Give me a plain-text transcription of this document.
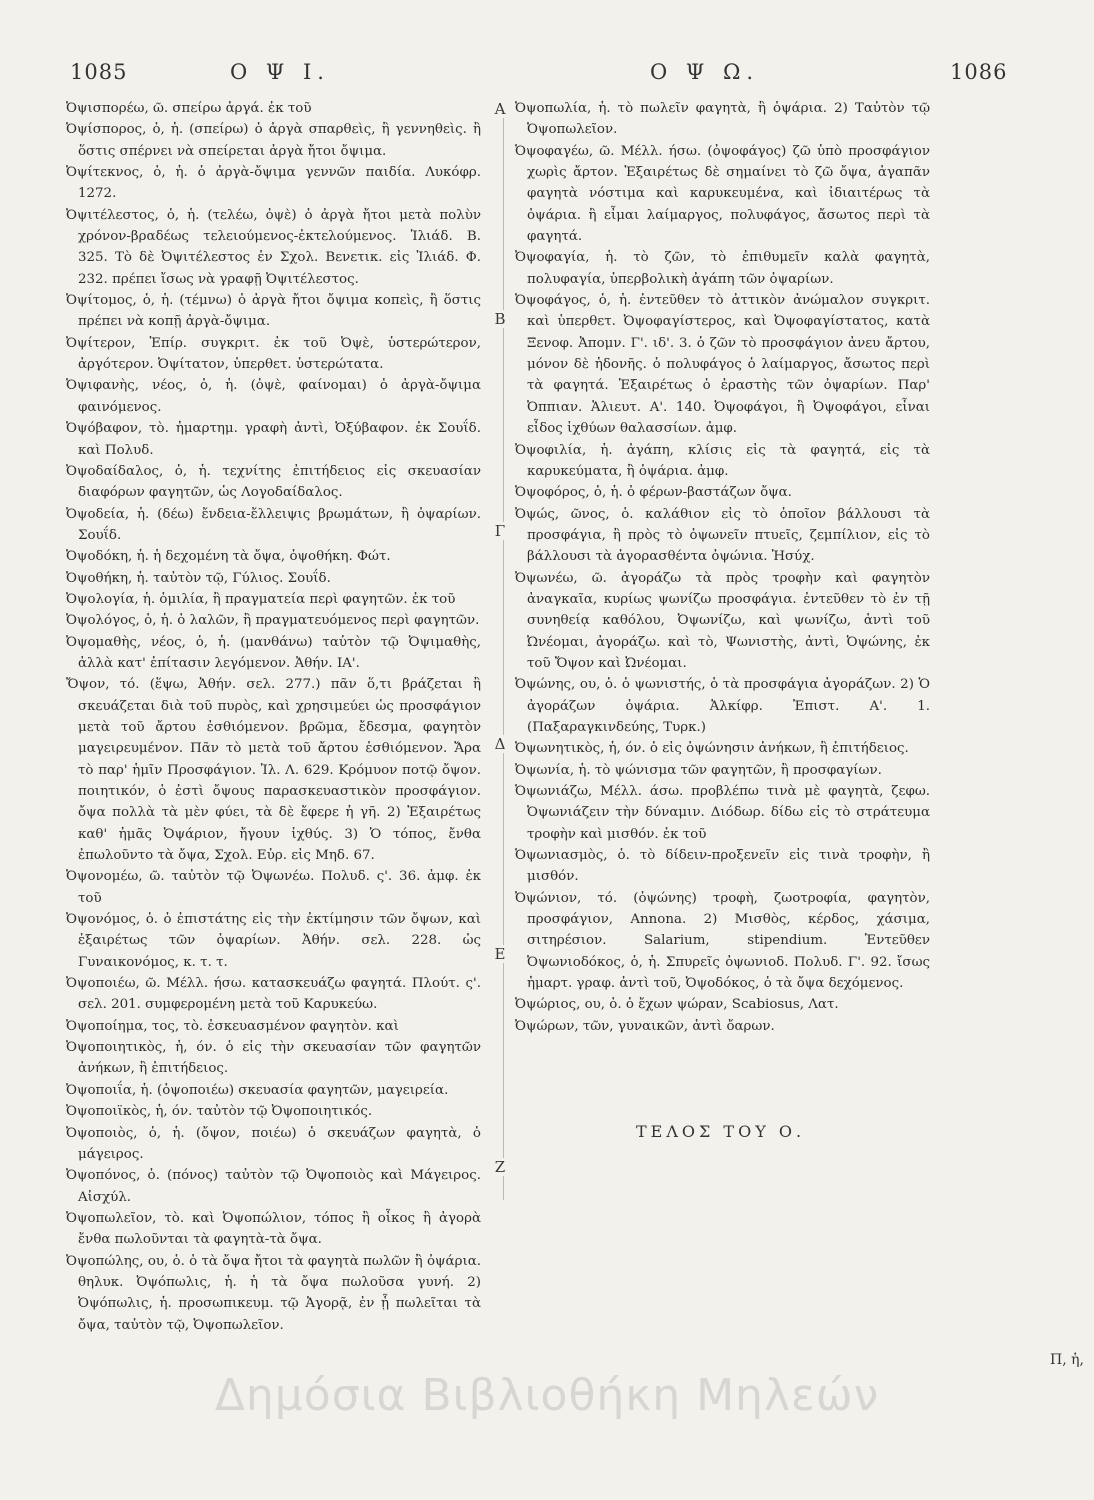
1085	Ο Ψ Ι.	Ο Ψ Ω.	1086
A
B
Γ
Δ
E
Z

Ὀψισπορέω, ῶ. σπείρω ἀργά. ἐκ τοῦ

Ὀψίσπορος, ὁ, ἡ. (σπείρω) ὁ ἀργὰ σπαρθεὶς, ἢ γεννηθεὶς. ἢ ὅστις σπέρνει νὰ σπείρεται ἀργὰ ἤτοι ὄψιμα.

Ὀψίτεκνος, ὁ, ἡ. ὁ ἀργὰ-ὄψιμα γεννῶν παιδία. Λυκόφρ. 1272.

Ὀψιτέλεστος, ὁ, ἡ. (τελέω, ὀψὲ) ὁ ἀργὰ ἤτοι μετὰ πολὺν χρόνον-βραδέως τελειούμενος-ἐκτελούμενος. Ἰλιάδ. Β. 325. Τὸ δὲ Ὀψιτέλεστος ἐν Σχολ. Βενετικ. εἰς Ἰλιάδ. Φ. 232. πρέπει ἴσως νὰ γραφῇ Ὀψιτέλεστος.

Ὀψίτομος, ὁ, ἡ. (τέμνω) ὁ ἀργὰ ἤτοι ὄψιμα κοπεὶς, ἢ ὅστις πρέπει νὰ κοπῇ ἀργὰ-ὄψιμα.

Ὀψίτερον, Ἐπίρ. συγκριτ. ἐκ τοῦ Ὀψὲ, ὑστερώτερον, ἀργότερον. Ὀψίτατον, ὑπερθετ. ὑστερώτατα.

Ὀψιφανὴς, νέος, ὁ, ἡ. (ὀψὲ, φαίνομαι) ὁ ἀργὰ-ὄψιμα φαινόμενος.

Ὀψόβαφον, τὸ. ἡμαρτημ. γραφὴ ἀντὶ, Ὀξύβαφον. ἐκ Σουΐδ. καὶ Πολυδ.

Ὀψοδαίδαλος, ὁ, ἡ. τεχνίτης ἐπιτήδειος εἰς σκευασίαν διαφόρων φαγητῶν, ὡς Λογοδαίδαλος.

Ὀψοδεία, ἡ. (δέω) ἔνδεια-ἔλλειψις βρωμάτων, ἢ ὀψαρίων. Σουΐδ.

Ὀψοδόκη, ἡ. ἡ δεχομένη τὰ ὄψα, ὀψοθήκη. Φώτ.

Ὀψοθήκη, ἡ. ταὐτὸν τῷ, Γύλιος. Σουΐδ.

Ὀψολογία, ἡ. ὁμιλία, ἢ πραγματεία περὶ φαγητῶν. ἐκ τοῦ

Ὀψολόγος, ὁ, ἡ. ὁ λαλῶν, ἢ πραγματευόμενος περὶ φαγητῶν.

Ὀψομαθὴς, νέος, ὁ, ἡ. (μανθάνω) ταὐτὸν τῷ Ὀψιμαθὴς, ἀλλὰ κατ' ἐπίτασιν λεγόμενον. Ἀθήν. ΙΑ'.

Ὄψον, τό. (ἕψω, Ἀθήν. σελ. 277.) πᾶν ὅ,τι βράζεται ἢ σκευάζεται διὰ τοῦ πυρὸς, καὶ χρησιμεύει ὡς προσφάγιον μετὰ τοῦ ἄρτου ἐσθιόμενον. βρῶμα, ἔδεσμα, φαγητὸν μαγειρευμένον. Πᾶν τὸ μετὰ τοῦ ἄρτου ἐσθιόμενον. Ἄρα τὸ παρ' ἡμῖν Προσφάγιον. Ἰλ. Λ. 629. Κρόμυον ποτῷ ὄψον. ποιητικόν, ὁ ἐστὶ ὄψους παρασκευαστικὸν προσφάγιον. ὄψα πολλὰ τὰ μὲν φύει, τὰ δὲ ἔφερε ἡ γῆ. 2) Ἐξαιρέτως καθ' ἡμᾶς Ὀψάριον, ἤγουν ἰχθύς. 3) Ὁ τόπος, ἔνθα ἐπωλοῦντο τὰ ὄψα, Σχολ. Εὐρ. εἰς Μηδ. 67.

Ὀψονομέω, ῶ. ταὐτὸν τῷ Ὀψωνέω. Πολυδ. ς'. 36. ἀμφ. ἐκ τοῦ

Ὀψονόμος, ὁ. ὁ ἐπιστάτης εἰς τὴν ἐκτίμησιν τῶν ὄψων, καὶ ἐξαιρέτως τῶν ὀψαρίων. Ἀθήν. σελ. 228. ὡς Γυναικονόμος, κ. τ. τ.

Ὀψοποιέω, ῶ. Μέλλ. ήσω. κατασκευάζω φαγητά. Πλούτ. ς'. σελ. 201. συμφερομένη μετὰ τοῦ Καρυκεύω.

Ὀψοποίημα, τος, τὸ. ἐσκευασμένον φαγητὸν. καὶ

Ὀψοποιητικὸς, ἡ, όν. ὁ εἰς τὴν σκευασίαν τῶν φαγητῶν ἀνήκων, ἢ ἐπιτήδειος.

Ὀψοποιΐα, ἡ. (ὀψοποιέω) σκευασία φαγητῶν, μαγειρεία.

Ὀψοποιϊκὸς, ἡ, όν. ταὐτὸν τῷ Ὀψοποιητικός.

Ὀψοποιὸς, ὁ, ἡ. (ὄψον, ποιέω) ὁ σκευάζων φαγητὰ, ὁ μάγειρος.

Ὀψοπόνος, ὁ. (πόνος) ταὐτὸν τῷ Ὀψοποιὸς καὶ Μάγειρος. Αἰσχύλ.

Ὀψοπωλεῖον, τὸ. καὶ Ὀψοπώλιον, τόπος ἢ οἶκος ἢ ἀγορὰ ἔνθα πωλοῦνται τὰ φαγητὰ-τὰ ὄψα.

Ὀψοπώλης, ου, ὁ. ὁ τὰ ὄψα ἤτοι τὰ φαγητὰ πωλῶν ἢ ὀψάρια. θηλυκ. Ὀψόπωλις, ἡ. ἡ τὰ ὄψα πωλοῦσα γυνή. 2) Ὀψόπωλις, ἡ. προσωπικευμ. τῷ Ἀγορᾷ, ἐν ᾗ πωλεῖται τὰ ὄψα, ταὐτὸν τῷ, Ὀψοπωλεῖον.

Ὀψοπωλία, ἡ. τὸ πωλεῖν φαγητὰ, ἢ ὀψάρια. 2) Ταὐτὸν τῷ Ὀψοπωλεῖον.

Ὀψοφαγέω, ῶ. Μέλλ. ήσω. (ὀψοφάγος) ζῶ ὑπὸ προσφάγιον χωρὶς ἄρτον. Ἐξαιρέτως δὲ σημαίνει τὸ ζῶ ὄψα, ἀγαπᾶν φαγητὰ νόστιμα καὶ καρυκευμένα, καὶ ἰδιαιτέρως τὰ ὀψάρια. ἢ εἶμαι λαίμαργος, πολυφάγος, ἄσωτος περὶ τὰ φαγητά.

Ὀψοφαγία, ἡ. τὸ ζῶν, τὸ ἐπιθυμεῖν καλὰ φαγητὰ, πολυφαγία, ὑπερβολικὴ ἀγάπη τῶν ὀψαρίων.

Ὀψοφάγος, ὁ, ἡ. ἐντεῦθεν τὸ ἀττικὸν ἀνώμαλον συγκριτ. καὶ ὑπερθετ. Ὀψοφαγίστερος, καὶ Ὀψοφαγίστατος, κατὰ Ξενοφ. Ἀπομν. Γ'. ιδ'. 3. ὁ ζῶν τὸ προσφάγιον ἀνευ ἄρτου, μόνον δὲ ἡδονῆς. ὁ πολυφάγος ὁ λαίμαργος, ἄσωτος περὶ τὰ φαγητά. Ἐξαιρέτως ὁ ἐραστὴς τῶν ὀψαρίων. Παρ' Ὀππιαν. Ἁλιευτ. Α'. 140. Ὀψοφάγοι, ἢ Ὀψοφάγοι, εἶναι εἶδος ἰχθύων θαλασσίων. ἀμφ.

Ὀψοφιλία, ἡ. ἀγάπη, κλίσις εἰς τὰ φαγητά, εἰς τὰ καρυκεύματα, ἢ ὀψάρια. ἀμφ.

Ὀψοφόρος, ὁ, ἡ. ὁ φέρων-βαστάζων ὄψα.

Ὀψώς, ῶνος, ὁ. καλάθιον εἰς τὸ ὁποῖον βάλλουσι τὰ προσφάγια, ἢ πρὸς τὸ ὀψωνεῖν πτυεῖς, ζεμπίλιον, εἰς τὸ βάλλουσι τὰ ἀγορασθέντα ὀψώνια. Ἡσύχ.

Ὀψωνέω, ῶ. ἀγοράζω τὰ πρὸς τροφὴν καὶ φαγητὸν ἀναγκαῖα, κυρίως ψωνίζω προσφάγια. ἐντεῦθεν τὸ ἐν τῇ συνηθείᾳ καθόλου, Ὀψωνίζω, καὶ ψωνίζω, ἀντὶ τοῦ Ὠνέομαι, ἀγοράζω. καὶ τὸ, Ψωνιστὴς, ἀντὶ, Ὀψώνης, ἐκ τοῦ Ὄψον καὶ Ὠνέομαι.

Ὀψώνης, ου, ὁ. ὁ ψωνιστής, ὁ τὰ προσφάγια ἀγοράζων. 2) Ὁ ἀγοράζων ὀψάρια. Ἀλκίφρ. Ἐπιστ. Α'. 1. (Παξαραγκινδεύης, Τυρκ.)

Ὀψωνητικὸς, ἡ, όν. ὁ εἰς ὀψώνησιν ἀνήκων, ἢ ἐπιτήδειος.

Ὀψωνία, ἡ. τὸ ψώνισμα τῶν φαγητῶν, ἢ προσφαγίων.

Ὀψωνιάζω, Μέλλ. άσω. προβλέπω τινὰ μὲ φαγητὰ, ζεφω. Ὀψωνιάζειν τὴν δύναμιν. Διόδωρ. δίδω εἰς τὸ στράτευμα τροφὴν καὶ μισθόν. ἐκ τοῦ

Ὀψωνιασμὸς, ὁ. τὸ δίδειν-προξενεῖν εἰς τινὰ τροφὴν, ἢ μισθόν.

Ὀψώνιον, τό. (ὀψώνης) τροφὴ, ζωοτροφία, φαγητὸν, προσφάγιον, Annona. 2) Μισθὸς, κέρδος, χάσιμα, σιτηρέσιον. Salarium, stipendium. Ἐντεῦθεν Ὀψωνιοδόκος, ὁ, ἡ. Σπυρεῖς ὀψωνιοδ. Πολυδ. Γ'. 92. ἴσως ἡμαρτ. γραφ. ἀντὶ τοῦ, Ὀψοδόκος, ὁ τὰ ὄψα δεχόμενος.

Ὀψώριος, ου, ὁ. ὁ ἔχων ψώραν, Scabiosus, Λατ.

Ὀψώρων, τῶν, γυναικῶν, ἀντὶ ὄαρων.

ΤΕΛΟΣ ΤΟΥ Ο.
Π, ἡ,
Δημόσια Βιβλιοθήκη Μηλεών
